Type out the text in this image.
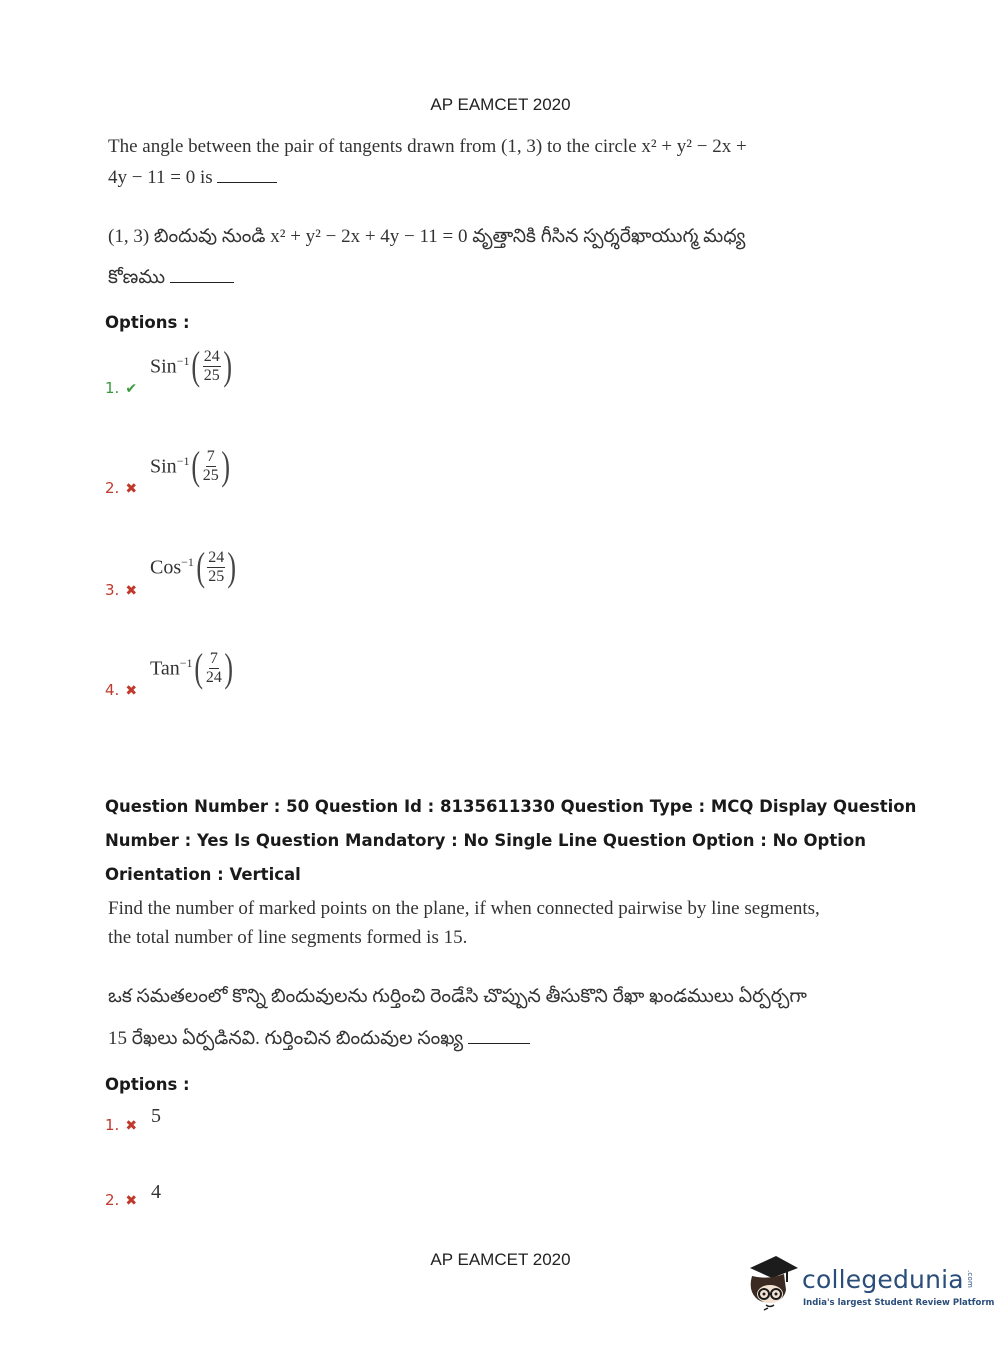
AP EAMCET 2020
The angle between the pair of tangents drawn from (1, 3) to the circle x² + y² − 2x +
4y − 11 = 0 is
(1, 3) బిందువు నుండి x² + y² − 2x + 4y − 11 = 0 వృత్తానికి గీసిన స్పర్శరేఖాయుగ్మ మధ్య
కోణము
Options :
1. ✔
Sin$^{-1}$ ( $\frac{24}{25}$ )
2. ✖
Sin$^{-1}$ ( $\frac{7}{25}$ )
3. ✖
Cos$^{-1}$ ( $\frac{24}{25}$ )
4. ✖
Tan$^{-1}$ ( $\frac{7}{24}$ )
Question Number : 50 Question Id : 8135611330 Question Type : MCQ Display Question
Number : Yes Is Question Mandatory : No Single Line Question Option : No Option
Orientation : Vertical
Find the number of marked points on the plane, if when connected pairwise by line segments,
the total number of line segments formed is 15.
ఒక సమతలంలో కొన్ని బిందువులను గుర్తించి రెండేసి చొప్పున తీసుకొని రేఖా ఖండములు ఏర్పర్చగా
15 రేఖలు ఏర్పడినవి. గుర్తించిన బిందువుల సంఖ్య
Options :
1. ✖ 5
2. ✖ 4
AP EAMCET 2020
collegedunia .com
India's largest Student Review Platform
